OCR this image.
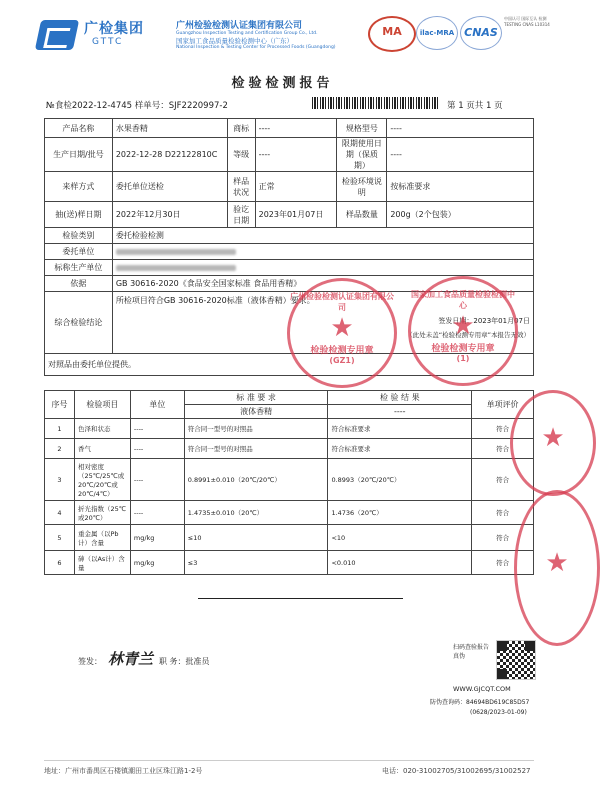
广检集团
GTTC
广州检验检测认证集团有限公司
Guangzhou Inspection Testing and Certification Group Co., Ltd.
国家加工食品质量检验检测中心（广东）
National Inspection & Testing Center for Processed Foods (Guangdong)
MA	ilac-MRA CNAS
中国认可 国际互认 检测 TESTING CNAS L10314
检验检测报告
№食检2022-12-4745 样单号：SJF2220997-2	第 1 页共 1 页
产品名称	水果香精	商标	----	规格型号	----
生产日期/批号	2022-12-28 D22122810C	等级	----	限期使用日期（保质期）	----
来样方式	委托单位送检	样品状况	正常	检验环境说明	按标准要求
抽(送)样日期	2022年12月30日	验讫日期	2023年01月07日	样品数量	200g（2个包装）
检验类别	委托检验检测				
委托单位					
标称生产单位					
依据	GB 30616-2020《食品安全国家标准 食品用香精》				
综合检验结论	所检项目符合GB 30616-2020标准（液体香精）要求。
签发日期：2023年01月07日
（此处未盖“检验检测专用章”本报告无效）				

对照品由委托单位提供。					
序号	检验项目	单位	标 准 要 求	检 验 结 果	单项评价
			液体香精	----	
1	色泽和状态	----	符合同一型号的对照品	符合标准要求	符合
2	香气	----	符合同一型号的对照品	符合标准要求	符合
3	相对密度（25℃/25℃或20℃/20℃或20℃/4℃）	----	0.8991±0.010（20℃/20℃）	0.8993（20℃/20℃）	符合
4	折光指数（25℃或20℃）	----	1.4735±0.010（20℃）	1.4736（20℃）	符合
5	重金属（以Pb计）含量	mg/kg	≤10	<10	符合
6	砷（以As计）含量	mg/kg	≤3	<0.010	符合
广州检验检测认证集团有限公司
★
检验检测专用章
(GZ1)
国家加工食品质量检验检测中心
★
检验检测专用章
(1)
★
★
签发： 林青兰 职 务：批准员
扫码查验报告真伪
WWW.GJCQT.COM
防伪查询码：84694BD619C85D57
(0628/2023-01-09)
地址：广州市番禺区石楼镇潮田工业区珠江路1-2号	电话：020-31002705/31002695/31002527
